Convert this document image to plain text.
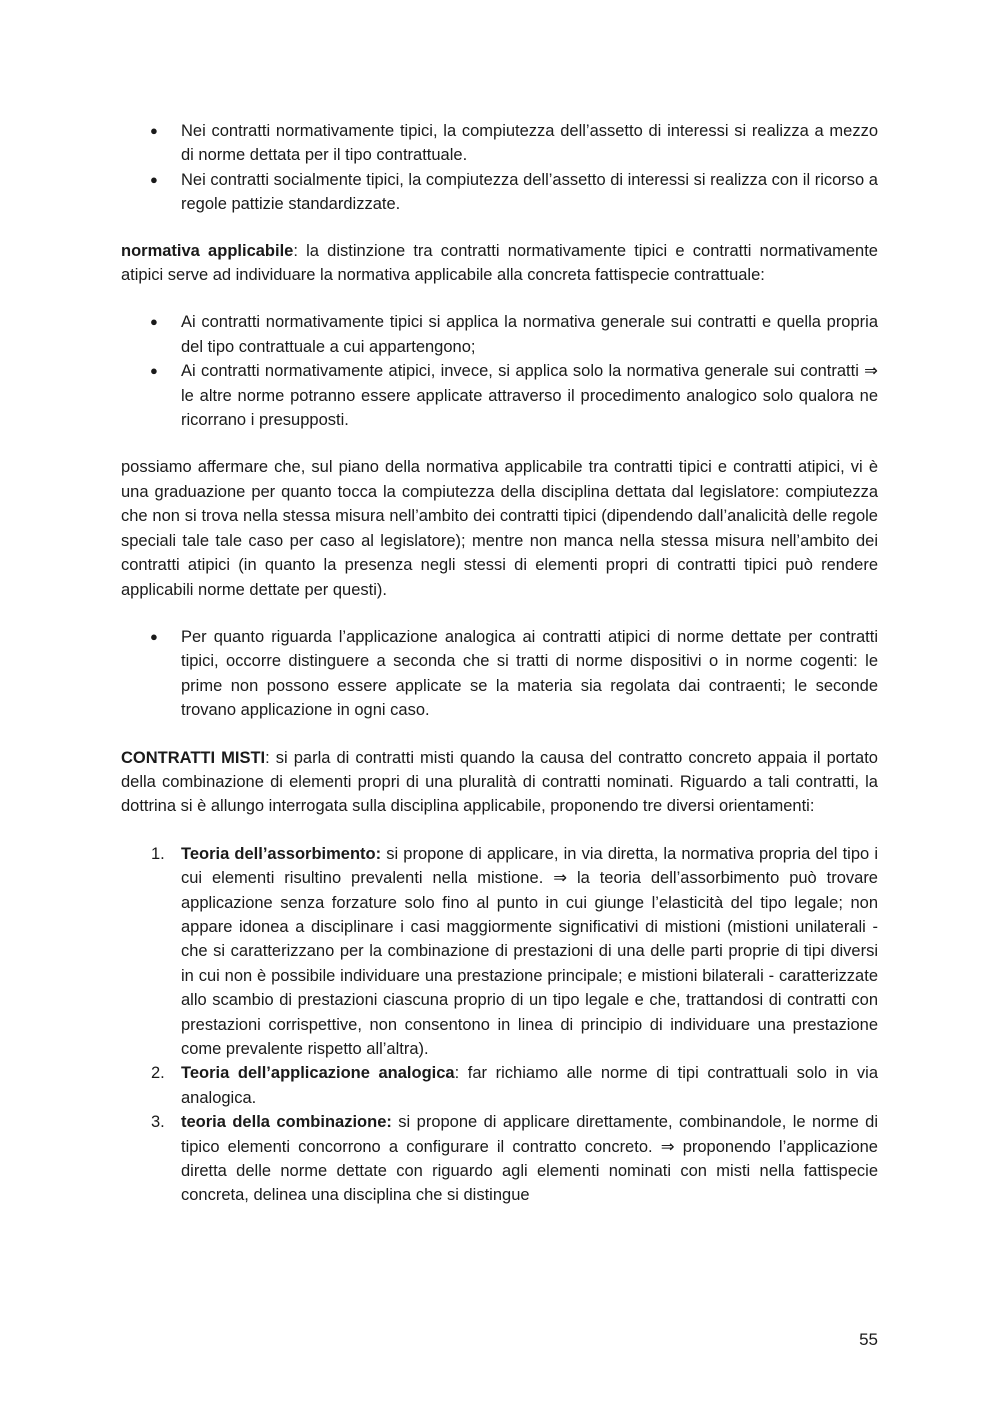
● Nei contratti normativamente tipici, la compiutezza dell’assetto di interessi si realizza a mezzo di norme dettata per il tipo contrattuale.
● Nei contratti socialmente tipici, la compiutezza dell’assetto di interessi si realizza con il ricorso a regole pattizie standardizzate.

normativa applicabile: la distinzione tra contratti normativamente tipici e contratti normativamente atipici serve ad individuare la normativa applicabile alla concreta fattispecie contrattuale:

● Ai contratti normativamente tipici si applica la normativa generale sui contratti e quella propria del tipo contrattuale a cui appartengono;
● Ai contratti normativamente atipici, invece, si applica solo la normativa generale sui contratti ⇒ le altre norme potranno essere applicate attraverso il procedimento analogico solo qualora ne ricorrano i presupposti.

possiamo affermare che, sul piano della normativa applicabile tra contratti tipici e contratti atipici, vi è una graduazione per quanto tocca la compiutezza della disciplina dettata dal legislatore: compiutezza che non si trova nella stessa misura nell’ambito dei contratti tipici (dipendendo dall’analicità delle regole speciali tale tale caso per caso al legislatore); mentre non manca nella stessa misura nell’ambito dei contratti atipici (in quanto la presenza negli stessi di elementi propri di contratti tipici può rendere applicabili norme dettate per questi).

● Per quanto riguarda l’applicazione analogica ai contratti atipici di norme dettate per contratti tipici, occorre distinguere a seconda che si tratti di norme dispositivi o in norme cogenti: le prime non possono essere applicate se la materia sia regolata dai contraenti; le seconde trovano applicazione in ogni caso.

CONTRATTI MISTI: si parla di contratti misti quando la causa del contratto concreto appaia il portato della combinazione di elementi propri di una pluralità di contratti nominati. Riguardo a tali contratti, la dottrina si è allungo interrogata sulla disciplina applicabile, proponendo tre diversi orientamenti:

1. Teoria dell’assorbimento: si propone di applicare, in via diretta, la normativa propria del tipo i cui elementi risultino prevalenti nella mistione. ⇒ la teoria dell’assorbimento può trovare applicazione senza forzature solo fino al punto in cui giunge l’elasticità del tipo legale; non appare idonea a disciplinare i casi maggiormente significativi di mistioni (mistioni unilaterali - che si caratterizzano per la combinazione di prestazioni di una delle parti proprie di tipi diversi in cui non è possibile individuare una prestazione principale; e mistioni bilaterali - caratterizzate allo scambio di prestazioni ciascuna proprio di un tipo legale e che, trattandosi di contratti con prestazioni corrispettive, non consentono in linea di principio di individuare una prestazione come prevalente rispetto all’altra).
2. Teoria dell’applicazione analogica: far richiamo alle norme di tipi contrattuali solo in via analogica.
3. teoria della combinazione: si propone di applicare direttamente, combinandole, le norme di tipico elementi concorrono a configurare il contratto concreto. ⇒ proponendo l’applicazione diretta delle norme dettate con riguardo agli elementi nominati con misti nella fattispecie concreta, delinea una disciplina che si distingue
55
